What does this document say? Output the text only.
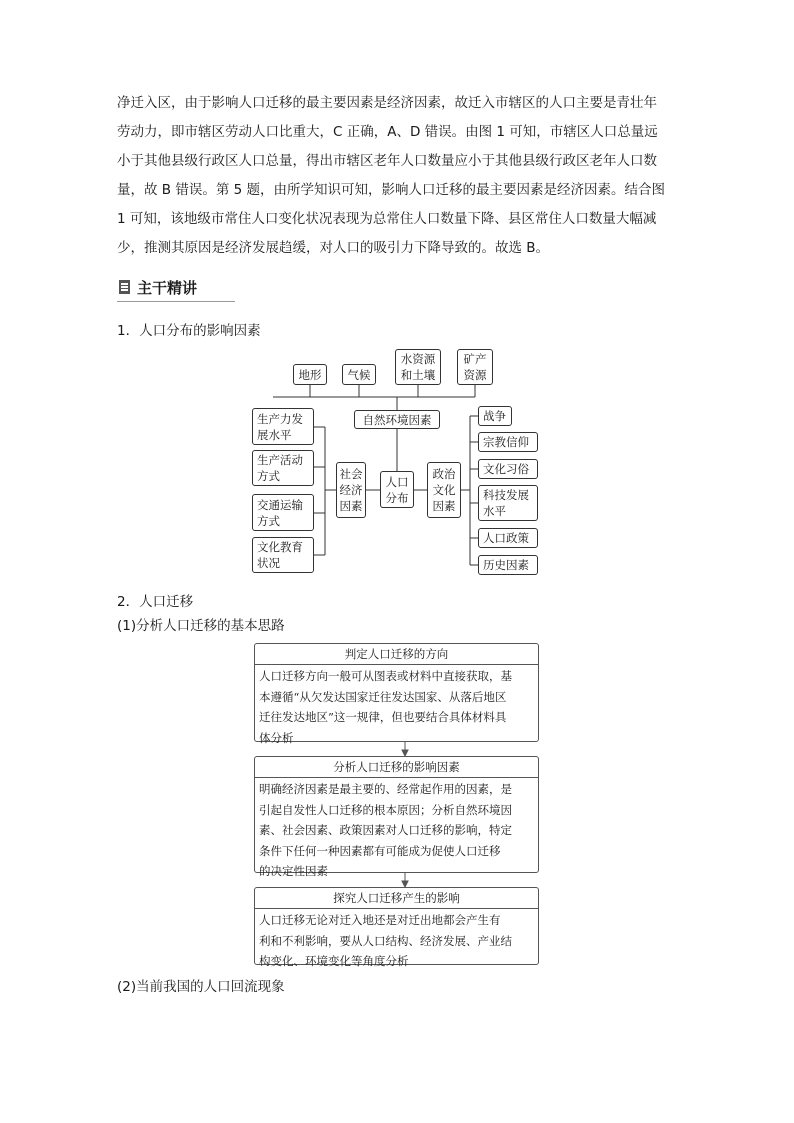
净迁入区，由于影响人口迁移的最主要因素是经济因素，故迁入市辖区的人口主要是青壮年
劳动力，即市辖区劳动人口比重大，C 正确，A、D 错误。由图 1 可知，市辖区人口总量远
小于其他县级行政区人口总量，得出市辖区老年人口数量应小于其他县级行政区老年人口数
量，故 B 错误。第 5 题，由所学知识可知，影响人口迁移的最主要因素是经济因素。结合图
1 可知，该地级市常住人口变化状况表现为总常住人口数量下降、县区常住人口数量大幅减
少，推测其原因是经济发展趋缓，对人口的吸引力下降导致的。故选 B。
主干精讲
1．人口分布的影响因素
地形	气候
水资源
和土壤
矿产
资源
自然环境因素
人口
分布
社会
经济
因素
政治
文化
因素
生产力发
展水平
生产活动
方式
交通运输
方式
文化教育
状况
战争
宗教信仰
文化习俗
科技发展
水平
人口政策
历史因素
2．人口迁移
(1)分析人口迁移的基本思路
判定人口迁移的方向
人口迁移方向一般可从图表或材料中直接获取，基
本遵循“从欠发达国家迁往发达国家、从落后地区
迁往发达地区”这一规律，但也要结合具体材料具
体分析
分析人口迁移的影响因素
明确经济因素是最主要的、经常起作用的因素，是
引起自发性人口迁移的根本原因；分析自然环境因
素、社会因素、政策因素对人口迁移的影响，特定
条件下任何一种因素都有可能成为促使人口迁移
的决定性因素
探究人口迁移产生的影响
人口迁移无论对迁入地还是对迁出地都会产生有
利和不利影响，要从人口结构、经济发展、产业结
构变化、环境变化等角度分析
(2)当前我国的人口回流现象
